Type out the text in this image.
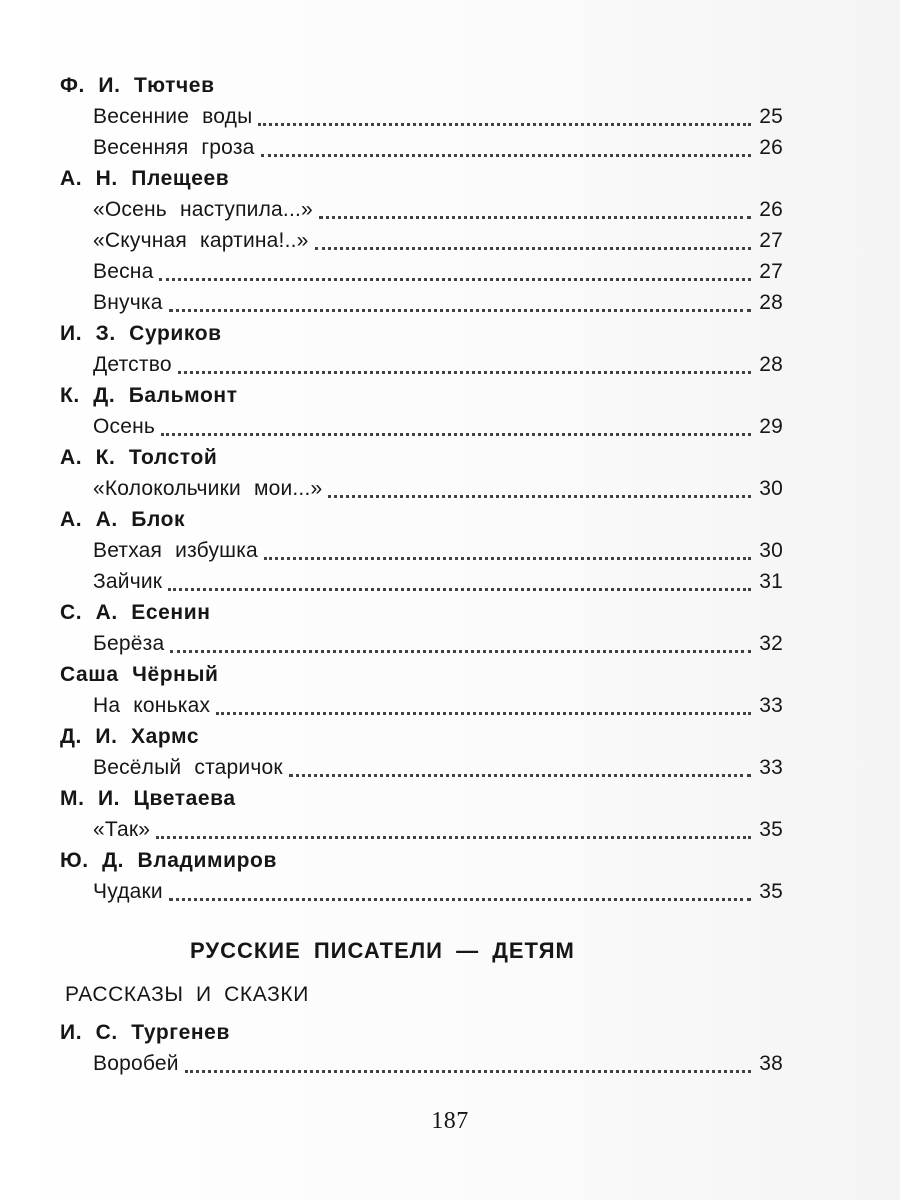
Ф. И. Тютчев
Весенние воды	25
Весенняя гроза	26
А. Н. Плещеев
«Осень наступила...»	26
«Скучная картина!..»	27
Весна	27
Внучка	28
И. З. Суриков
Детство	28
К. Д. Бальмонт
Осень	29
А. К. Толстой
«Колокольчики мои...»	30
А. А. Блок
Ветхая избушка	30
Зайчик	31
С. А. Есенин
Берёза	32
Саша Чёрный
На коньках	33
Д. И. Хармс
Весёлый старичок	33
М. И. Цветаева
«Так»	35
Ю. Д. Владимиров
Чудаки	35
РУССКИЕ ПИСАТЕЛИ — ДЕТЯМ
РАССКАЗЫ И СКАЗКИ
И. С. Тургенев
Воробей	38
187
